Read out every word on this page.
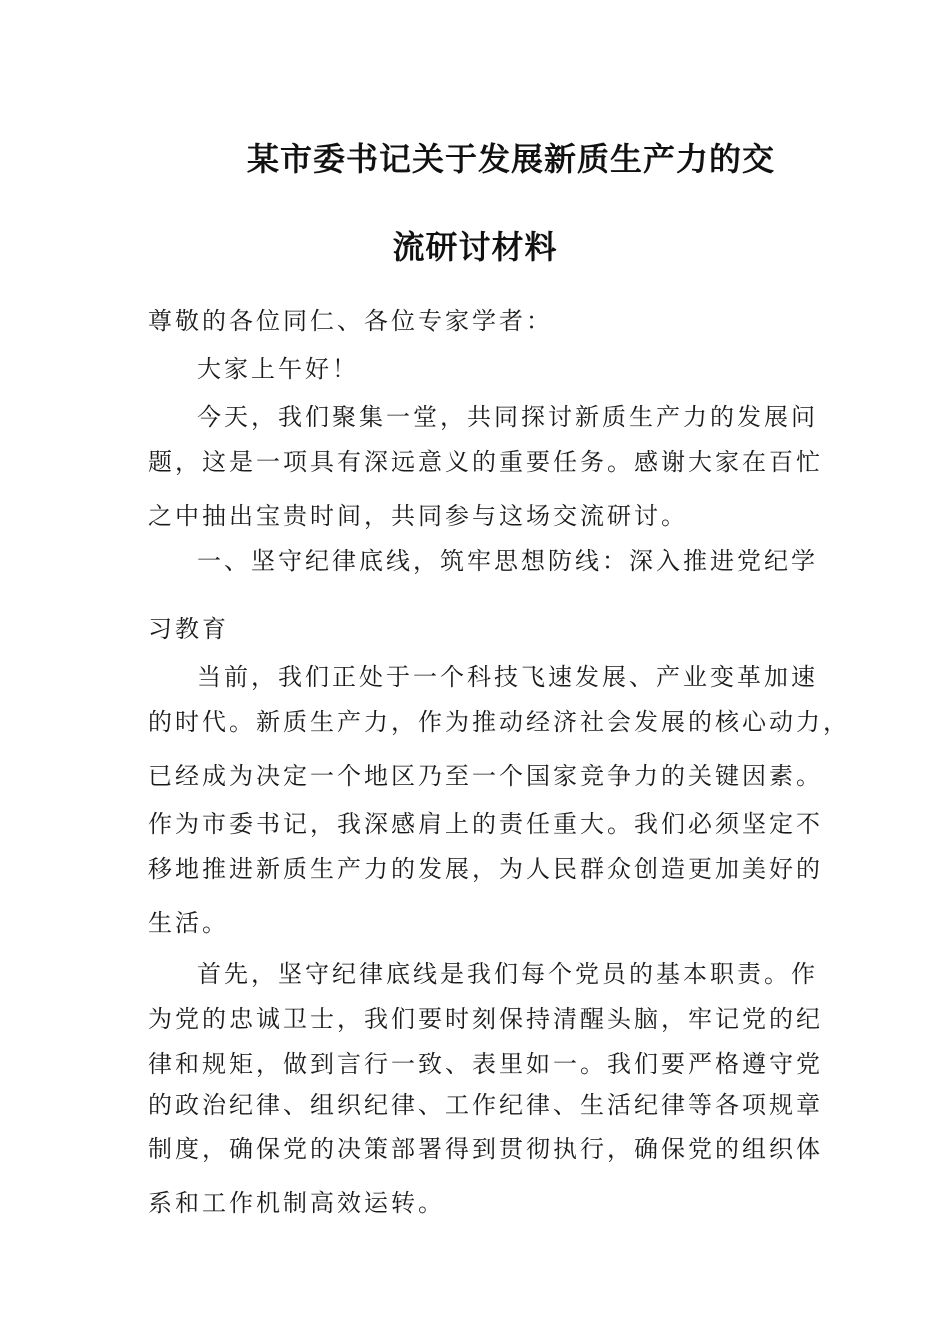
某市委书记关于发展新质生产力的交
流研讨材料
尊敬的各位同仁、各位专家学者：
大家上午好！
今天，我们聚集一堂，共同探讨新质生产力的发展问
题，这是一项具有深远意义的重要任务。感谢大家在百忙
之中抽出宝贵时间，共同参与这场交流研讨。
一、坚守纪律底线，筑牢思想防线：深入推进党纪学
习教育
当前，我们正处于一个科技飞速发展、产业变革加速
的时代。新质生产力，作为推动经济社会发展的核心动力，
已经成为决定一个地区乃至一个国家竞争力的关键因素。
作为市委书记，我深感肩上的责任重大。我们必须坚定不
移地推进新质生产力的发展，为人民群众创造更加美好的
生活。
首先，坚守纪律底线是我们每个党员的基本职责。作
为党的忠诚卫士，我们要时刻保持清醒头脑，牢记党的纪
律和规矩，做到言行一致、表里如一。我们要严格遵守党
的政治纪律、组织纪律、工作纪律、生活纪律等各项规章
制度，确保党的决策部署得到贯彻执行，确保党的组织体
系和工作机制高效运转。
